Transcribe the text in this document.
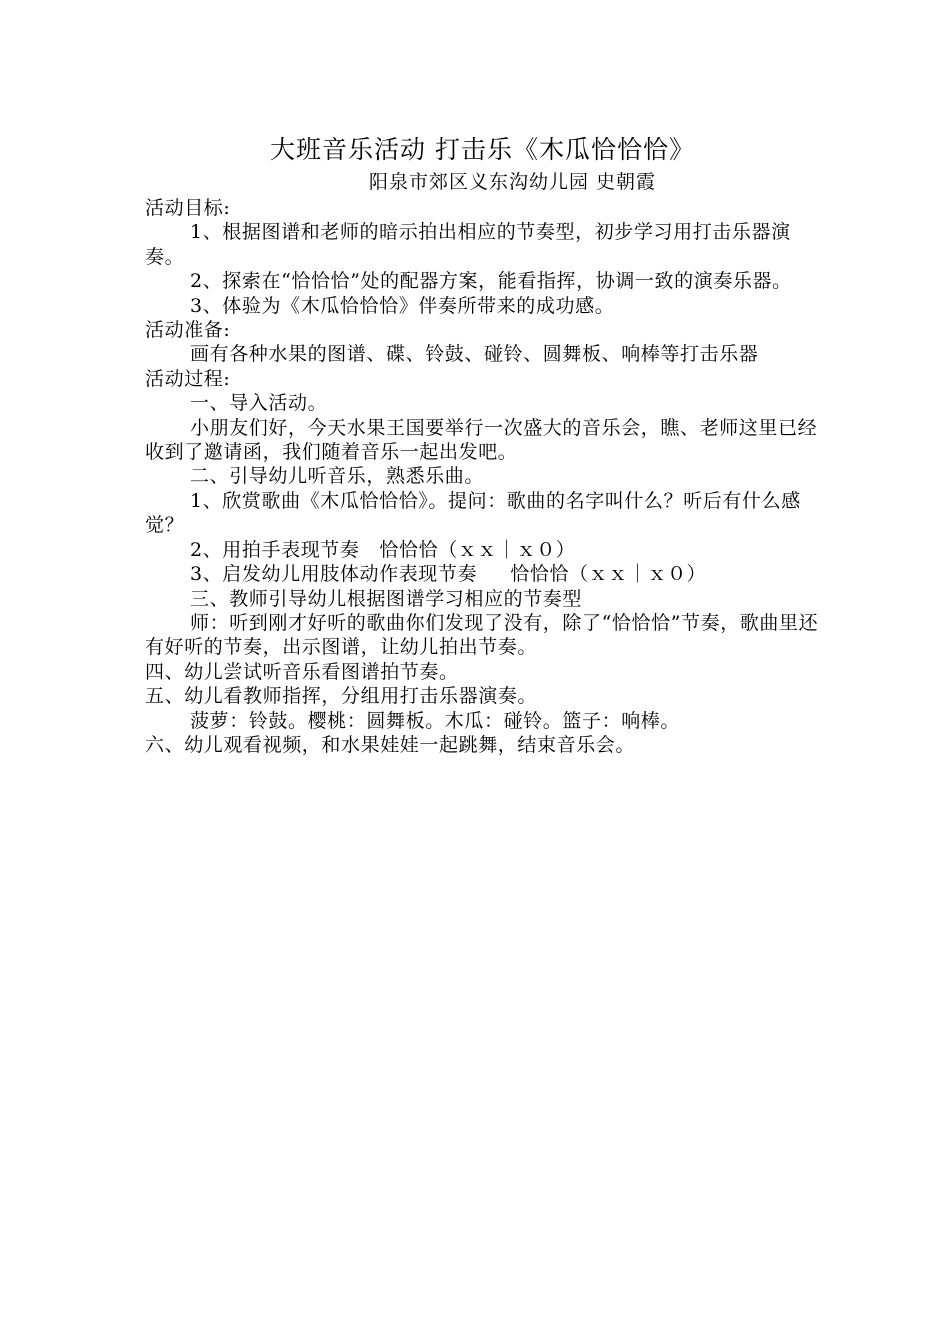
大班音乐活动 打击乐《木瓜恰恰恰》
阳泉市郊区义东沟幼儿园 史朝霞
活动目标:
1、根据图谱和老师的暗示拍出相应的节奏型，初步学习用打击乐器演奏。
2、探索在“恰恰恰”处的配器方案，能看指挥，协调一致的演奏乐器。
3、体验为《木瓜恰恰恰》伴奏所带来的成功感。
活动准备:
画有各种水果的图谱、碟、铃鼓、碰铃、圆舞板、响棒等打击乐器
活动过程:
一、导入活动。
小朋友们好，今天水果王国要举行一次盛大的音乐会，瞧、老师这里已经收到了邀请函，我们随着音乐一起出发吧。
二、引导幼儿听音乐，熟悉乐曲。
1、欣赏歌曲《木瓜恰恰恰》。提问：歌曲的名字叫什么？听后有什么感觉？
2、用拍手表现节奏   恰恰恰（ｘｘ｜ｘ０）
3、启发幼儿用肢体动作表现节奏     恰恰恰（ｘｘ｜ｘ０）
三、教师引导幼儿根据图谱学习相应的节奏型
师：听到刚才好听的歌曲你们发现了没有，除了“恰恰恰”节奏，歌曲里还有好听的节奏，出示图谱，让幼儿拍出节奏。
四、幼儿尝试听音乐看图谱拍节奏。
五、幼儿看教师指挥，分组用打击乐器演奏。
菠萝：铃鼓。樱桃：圆舞板。木瓜：碰铃。篮子：响棒。
六、幼儿观看视频，和水果娃娃一起跳舞，结束音乐会。
